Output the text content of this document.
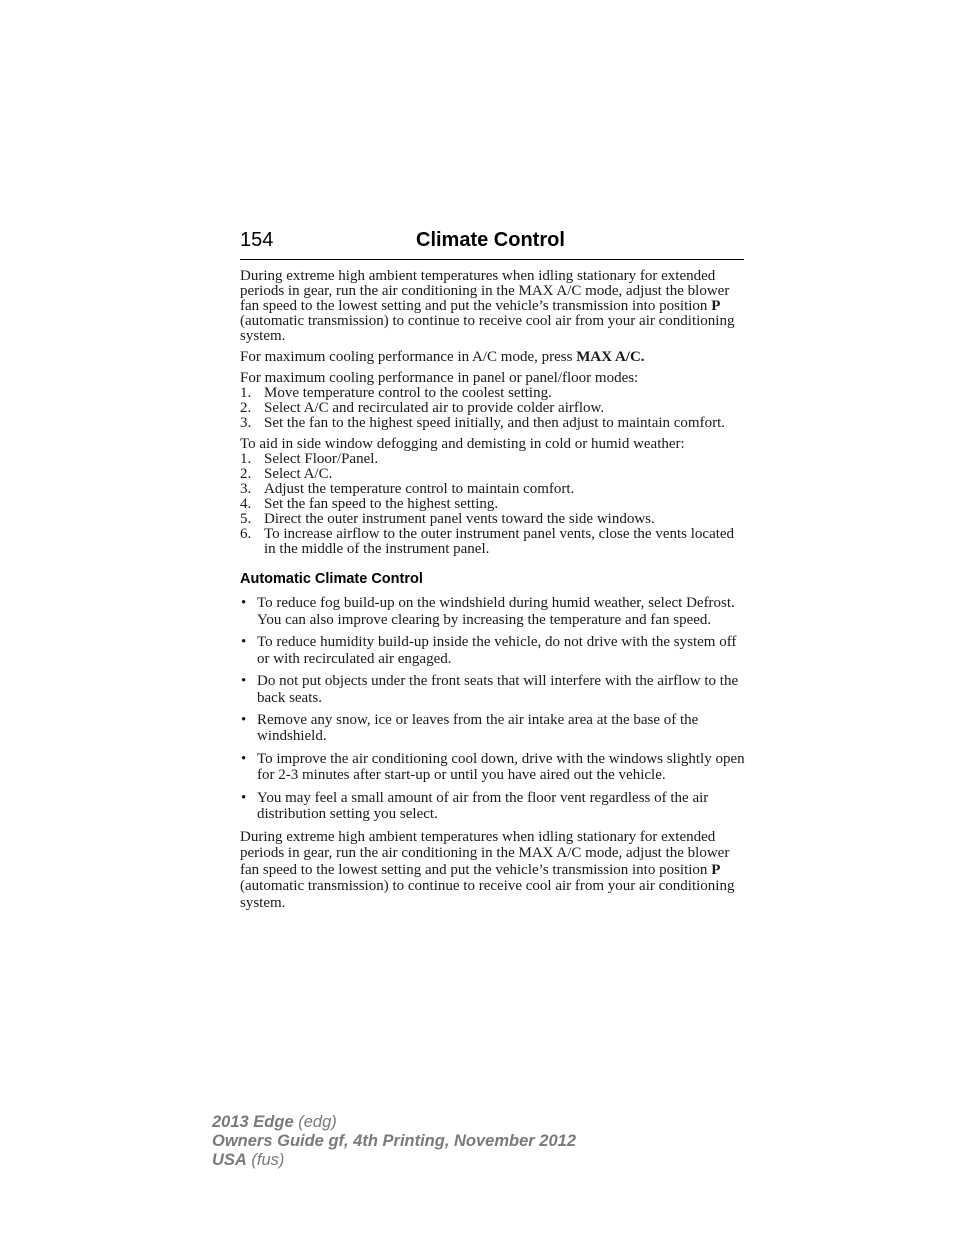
154	Climate Control

During extreme high ambient temperatures when idling stationary for extended periods in gear, run the air conditioning in the MAX A/C mode, adjust the blower fan speed to the lowest setting and put the vehicle’s transmission into position P (automatic transmission) to continue to receive cool air from your air conditioning system.

For maximum cooling performance in A/C mode, press MAX A/C.

For maximum cooling performance in panel or panel/floor modes:
1. Move temperature control to the coolest setting.
2. Select A/C and recirculated air to provide colder airflow.
3. Set the fan to the highest speed initially, and then adjust to maintain comfort.
To aid in side window defogging and demisting in cold or humid weather:
1. Select Floor/Panel.
2. Select A/C.
3. Adjust the temperature control to maintain comfort.
4. Set the fan speed to the highest setting.
5. Direct the outer instrument panel vents toward the side windows.
6. To increase airflow to the outer instrument panel vents, close the vents located in the middle of the instrument panel.
Automatic Climate Control
• To reduce fog build-up on the windshield during humid weather, select Defrost. You can also improve clearing by increasing the temperature and fan speed.
• To reduce humidity build-up inside the vehicle, do not drive with the system off or with recirculated air engaged.
• Do not put objects under the front seats that will interfere with the airflow to the back seats.
• Remove any snow, ice or leaves from the air intake area at the base of the windshield.
• To improve the air conditioning cool down, drive with the windows slightly open for 2-3 minutes after start-up or until you have aired out the vehicle.
• You may feel a small amount of air from the floor vent regardless of the air distribution setting you select.

During extreme high ambient temperatures when idling stationary for extended periods in gear, run the air conditioning in the MAX A/C mode, adjust the blower fan speed to the lowest setting and put the vehicle’s transmission into position P (automatic transmission) to continue to receive cool air from your air conditioning system.

2013 Edge (edg)
Owners Guide gf, 4th Printing, November 2012
USA (fus)
